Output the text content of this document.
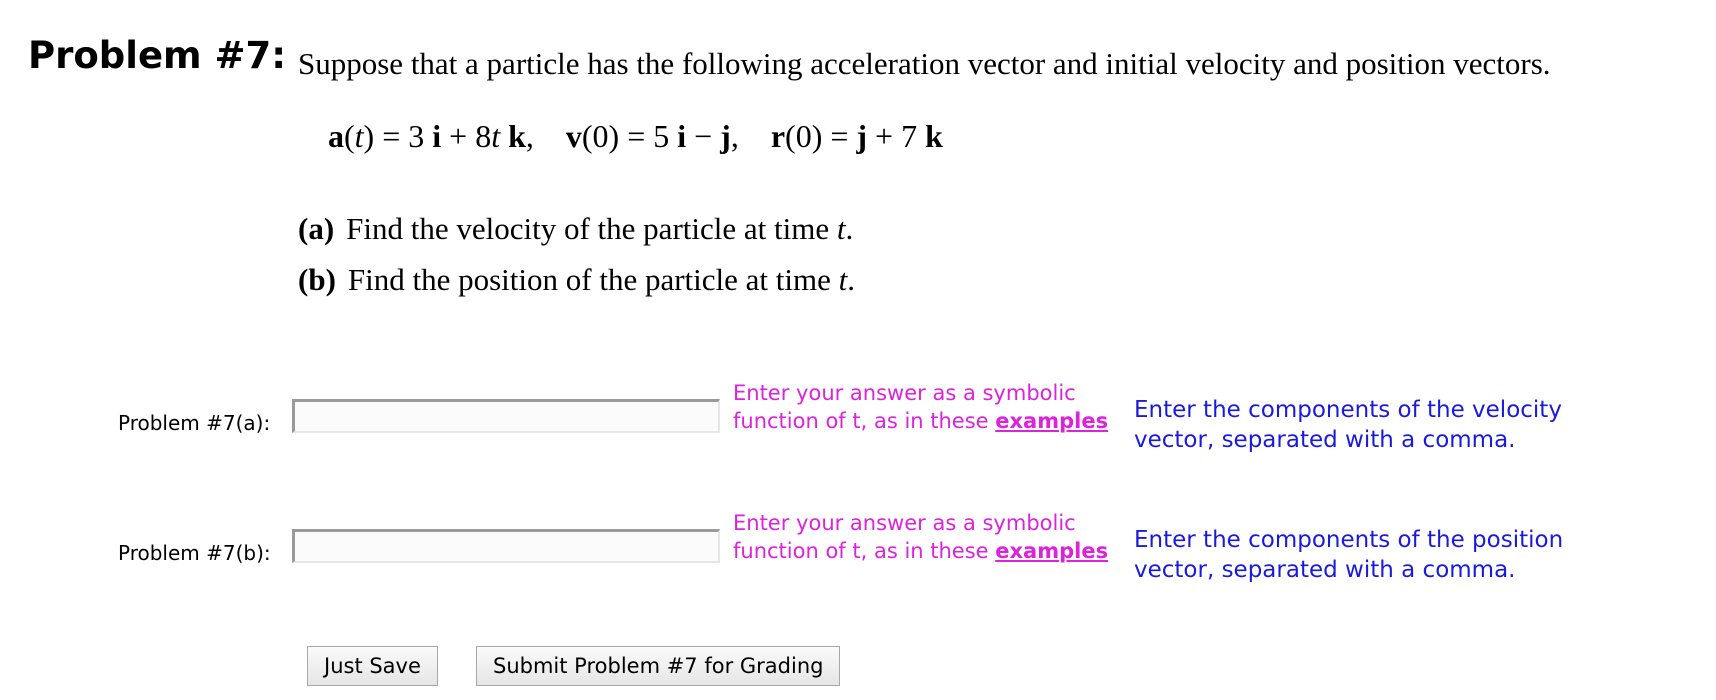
Problem #7: Suppose that a particle has the following acceleration vector and initial velocity and position vectors.
a(t) = 3 i + 8t k,    v(0) = 5 i − j,    r(0) = j + 7 k
(a) Find the velocity of the particle at time t.
(b) Find the position of the particle at time t.
Problem #7(a):
Enter your answer as a symbolic function of t, as in these examples Enter the components of the velocity vector, separated with a comma.
Problem #7(b):
Enter your answer as a symbolic function of t, as in these examples Enter the components of the position vector, separated with a comma.
Just Save	Submit Problem #7 for Grading
